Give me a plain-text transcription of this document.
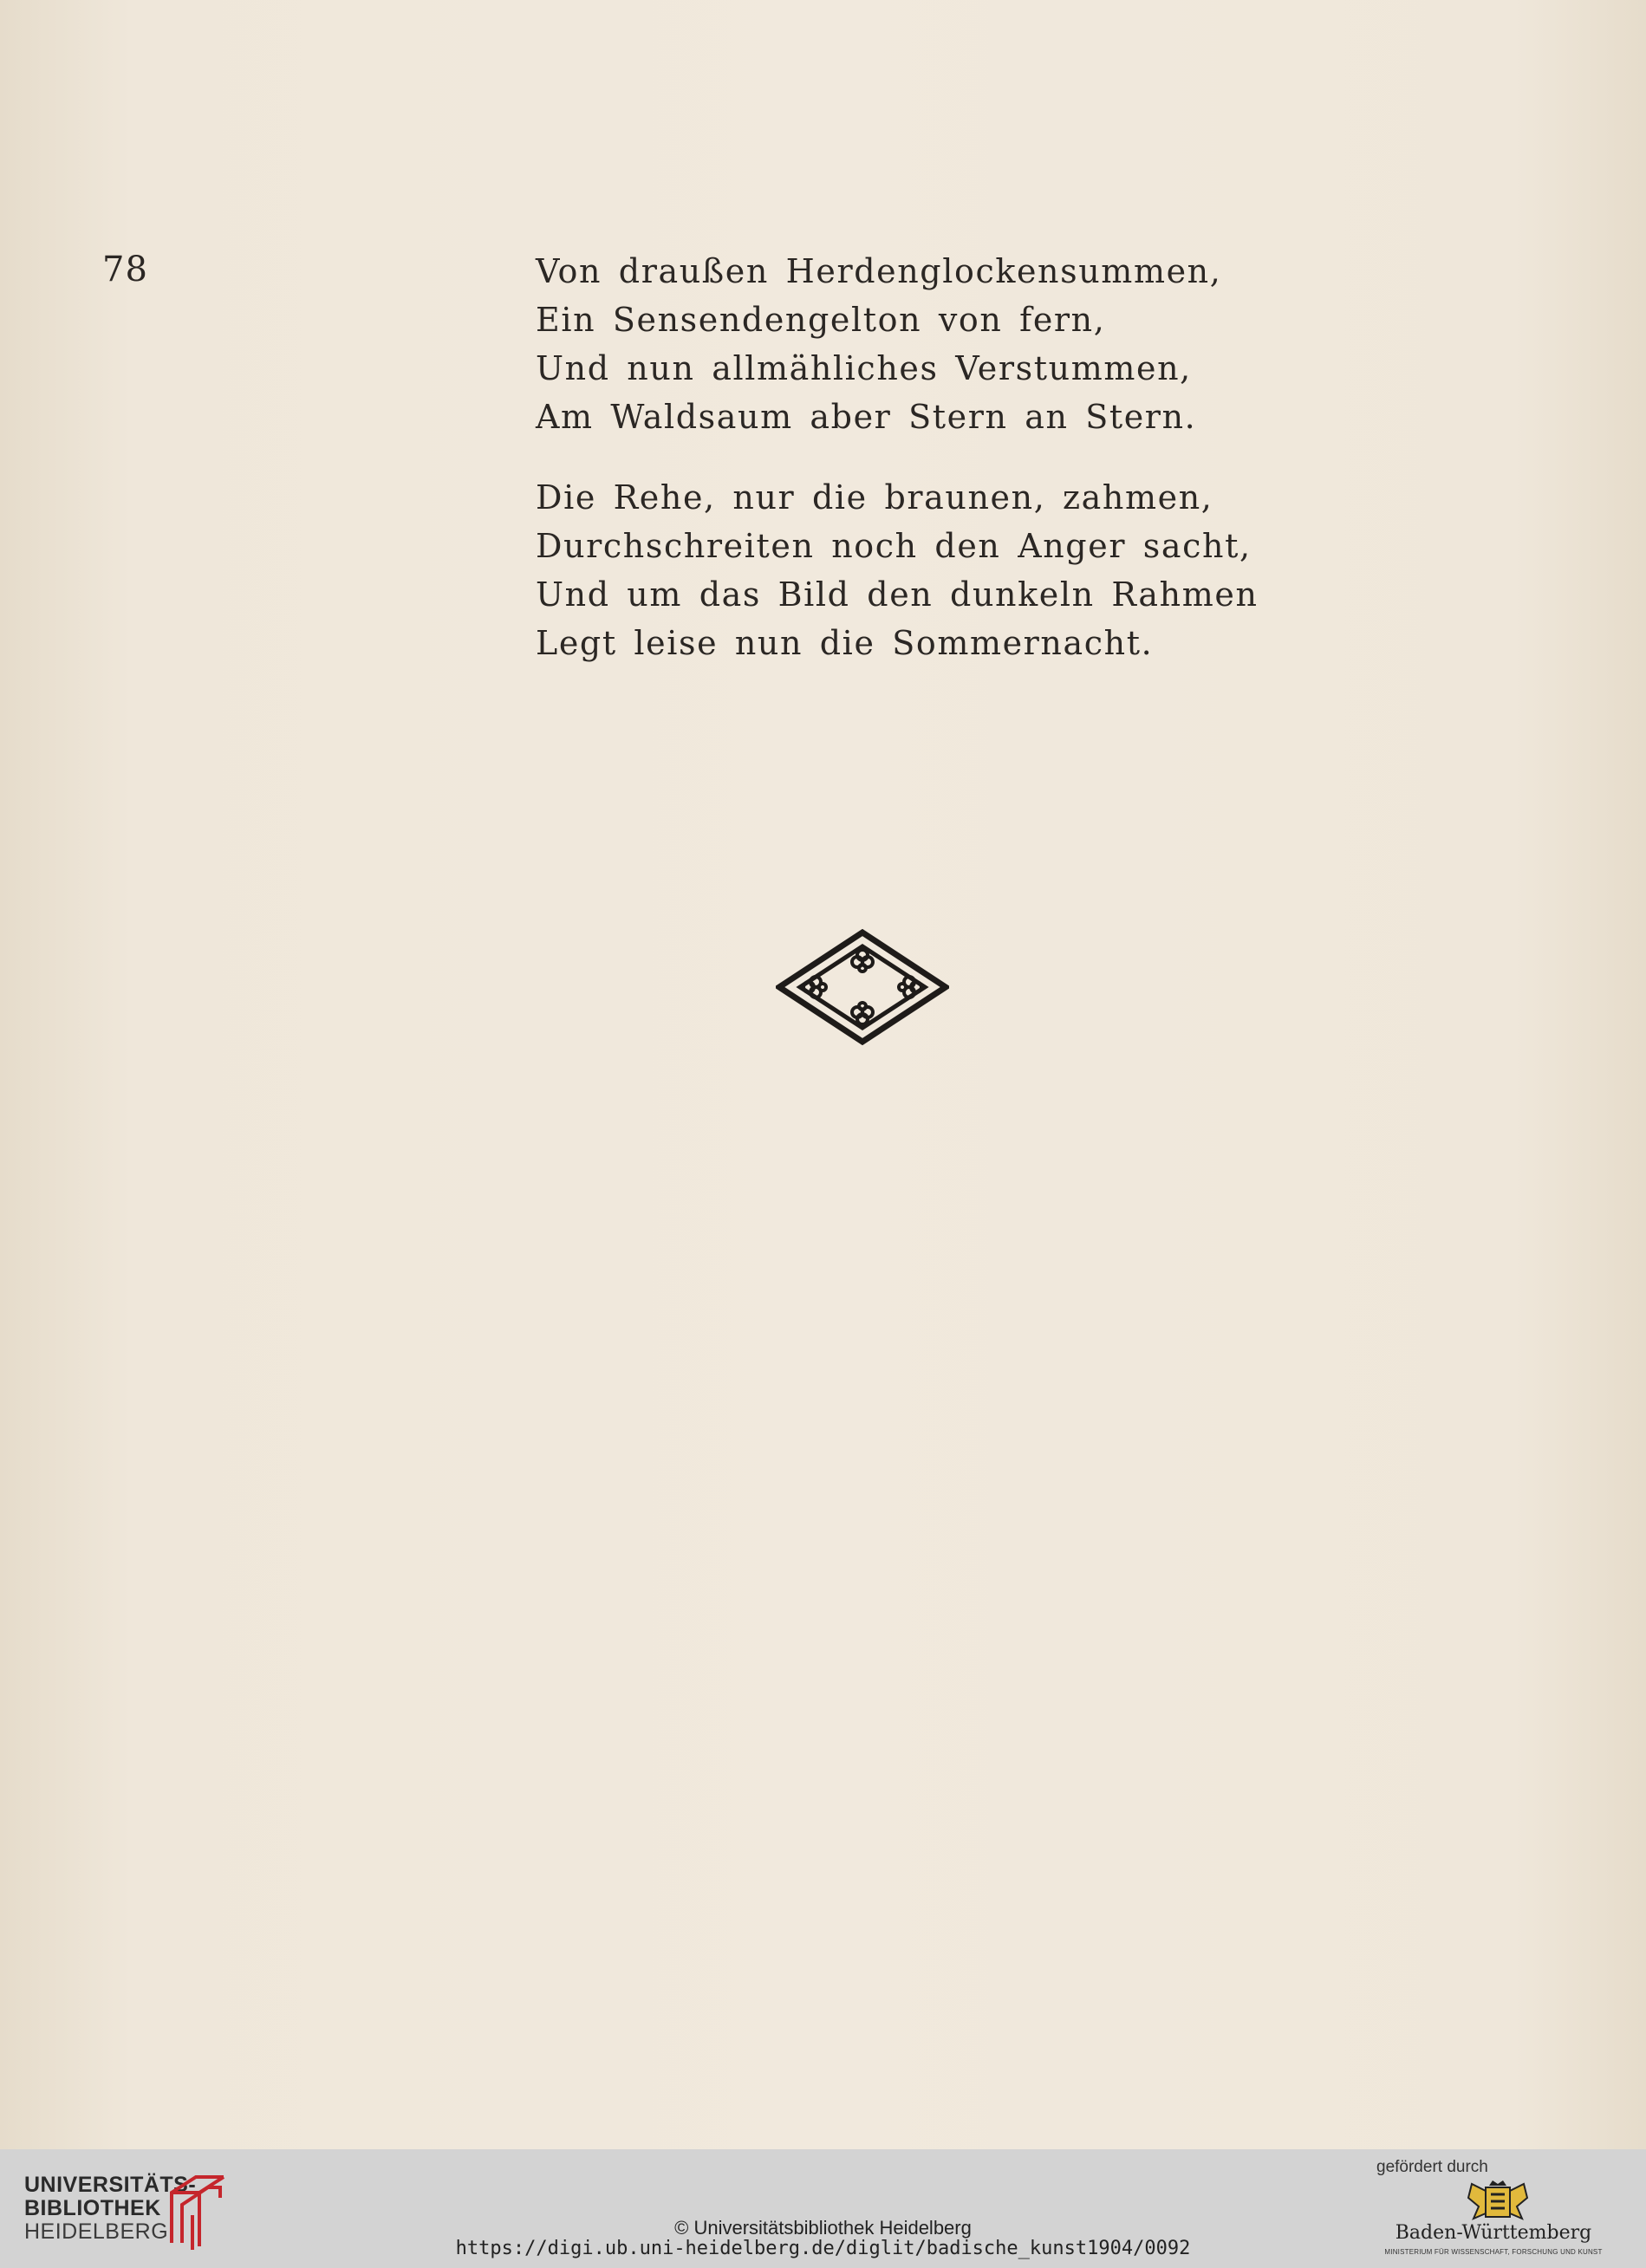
78	Von draußen Herdenglockensummen,
Ein Sensendengelton von fern,
Und nun allmähliches Verstummen,
Am Waldsaum aber Stern an Stern.
Die Rehe, nur die braunen, zahmen,
Durchschreiten noch den Anger sacht,
Und um das Bild den dunkeln Rahmen
Legt leise nun die Sommernacht.
UNIVERSITÄTS-
BIBLIOTHEK
HEIDELBERG	© Universitätsbibliothek Heidelberg
https://digi.ub.uni-heidelberg.de/diglit/badische_kunst1904/0092
gefördert durch
Baden-Württemberg
MINISTERIUM FÜR WISSENSCHAFT, FORSCHUNG UND KUNST
